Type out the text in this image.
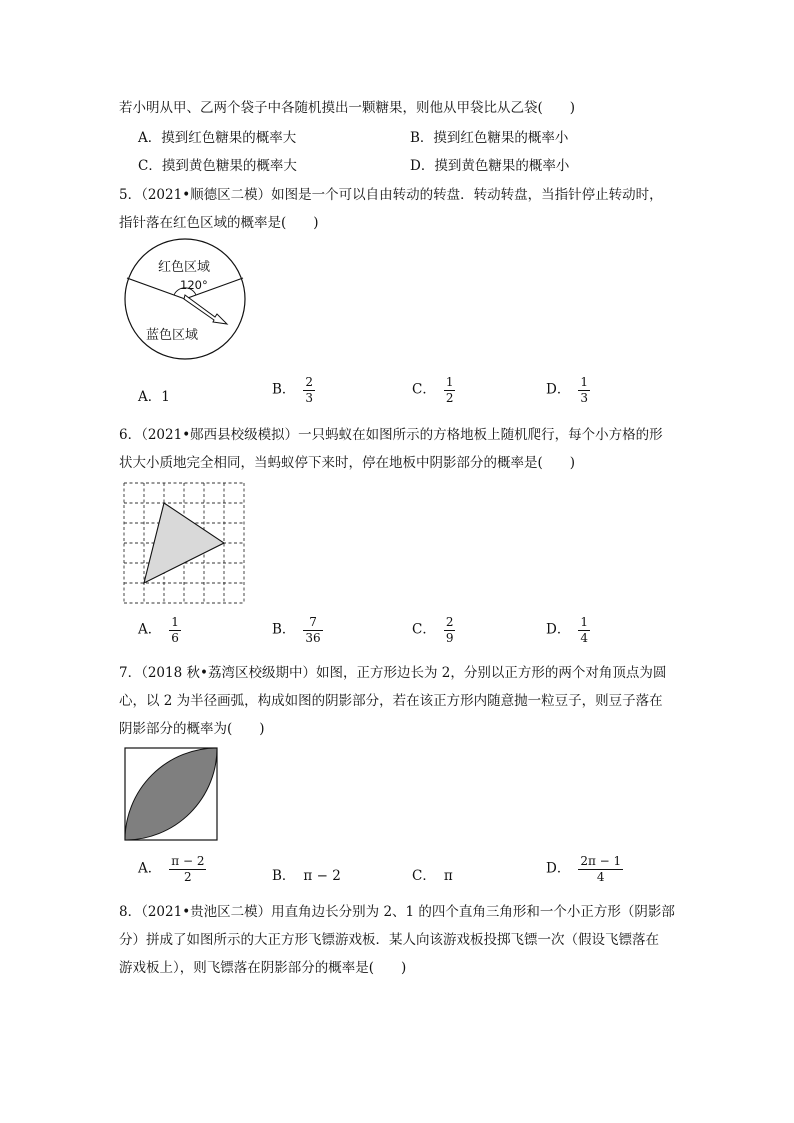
若小明从甲、乙两个袋子中各随机摸出一颗糖果，则他从甲袋比从乙袋(　　)
A．摸到红色糖果的概率大	B．摸到红色糖果的概率小
C．摸到黄色糖果的概率大	D．摸到黄色糖果的概率小
5．（2021•顺德区二模）如图是一个可以自由转动的转盘．转动转盘，当指针停止转动时，
指针落在红色区域的概率是(　　)
红色区域
120°
蓝色区域
A．1	B． $\frac{2}{3}$	C． $\frac{1}{2}$	D． $\frac{1}{3}$
6．（2021•郧西县校级模拟）一只蚂蚁在如图所示的方格地板上随机爬行，每个小方格的形
状大小质地完全相同，当蚂蚁停下来时，停在地板中阴影部分的概率是(　　)
A． $\frac{1}{6}$	B． $\frac{7}{36}$	C． $\frac{2}{9}$	D． $\frac{1}{4}$
7．（2018 秋•荔湾区校级期中）如图，正方形边长为 2，分别以正方形的两个对角顶点为圆
心，以 2 为半径画弧，构成如图的阴影部分，若在该正方形内随意抛一粒豆子，则豆子落在
阴影部分的概率为(　　)
A． $\frac{\pi - 2}{2}$	B． π − 2	C． π	D． $\frac{2\pi - 1}{4}$
8．（2021•贵池区二模）用直角边长分别为 2、1 的四个直角三角形和一个小正方形（阴影部
分）拼成了如图所示的大正方形飞镖游戏板．某人向该游戏板投掷飞镖一次（假设飞镖落在
游戏板上），则飞镖落在阴影部分的概率是(　　)
